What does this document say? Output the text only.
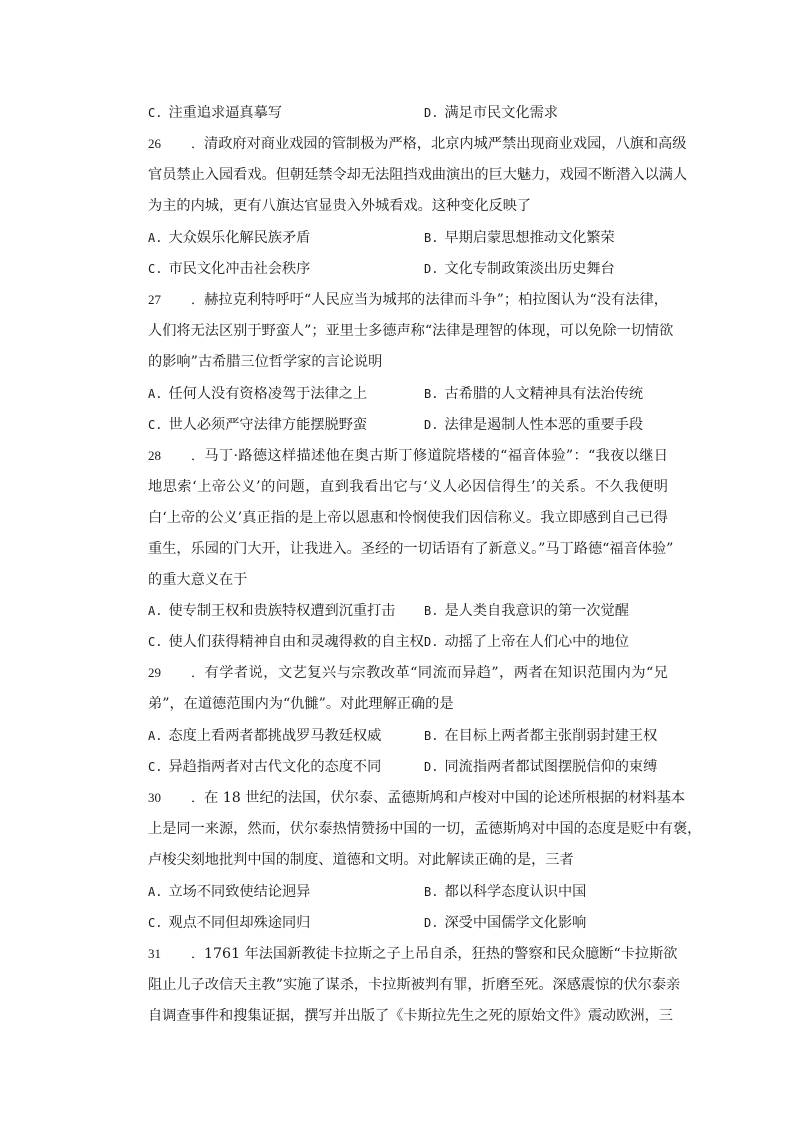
C. 注重追求逼真摹写	D. 满足市民文化需求
26．清政府对商业戏园的管制极为严格，北京内城严禁出现商业戏园，八旗和高级
官员禁止入园看戏。但朝廷禁令却无法阻挡戏曲演出的巨大魅力，戏园不断潜入以满人
为主的内城，更有八旗达官显贵入外城看戏。这种变化反映了
A. 大众娱乐化解民族矛盾	B. 早期启蒙思想推动文化繁荣
C. 市民文化冲击社会秩序	D. 文化专制政策淡出历史舞台
27．赫拉克利特呼吁“人民应当为城邦的法律而斗争”；柏拉图认为“没有法律，
人们将无法区别于野蛮人”；亚里士多德声称“法律是理智的体现，可以免除一切情欲
的影响”古希腊三位哲学家的言论说明
A. 任何人没有资格凌驾于法律之上	B. 古希腊的人文精神具有法治传统
C. 世人必须严守法律方能摆脱野蛮	D. 法律是遏制人性本恶的重要手段
28．马丁·路德这样描述他在奥古斯丁修道院塔楼的“福音体验”：“我夜以继日
地思索‘上帝公义’的问题，直到我看出它与‘义人必因信得生’的关系。不久我便明
白‘上帝的公义’真正指的是上帝以恩惠和怜悯使我们因信称义。我立即感到自己已得
重生，乐园的门大开，让我进入。圣经的一切话语有了新意义。”马丁路德“福音体验”
的重大意义在于
A. 使专制王权和贵族特权遭到沉重打击 B. 是人类自我意识的第一次觉醒
C. 使人们获得精神自由和灵魂得救的自主权 D. 动摇了上帝在人们心中的地位
29．有学者说，文艺复兴与宗教改革“同流而异趋”，两者在知识范围内为“兄
弟”，在道德范围内为“仇雠”。对此理解正确的是
A. 态度上看两者都挑战罗马教廷权威	B. 在目标上两者都主张削弱封建王权
C. 异趋指两者对古代文化的态度不同	D. 同流指两者都试图摆脱信仰的束缚
30．在 18 世纪的法国，伏尔泰、孟德斯鸠和卢梭对中国的论述所根据的材料基本
上是同一来源，然而，伏尔泰热情赞扬中国的一切，孟德斯鸠对中国的态度是贬中有褒，
卢梭尖刻地批判中国的制度、道德和文明。对此解读正确的是，三者
A. 立场不同致使结论迥异	B. 都以科学态度认识中国
C. 观点不同但却殊途同归	D. 深受中国儒学文化影响
31．1761 年法国新教徒卡拉斯之子上吊自杀，狂热的警察和民众臆断“卡拉斯欲
阻止儿子改信天主教”实施了谋杀，卡拉斯被判有罪，折磨至死。深感震惊的伏尔泰亲
自调查事件和搜集证据，撰写并出版了《卡斯拉先生之死的原始文件》震动欧洲，三
